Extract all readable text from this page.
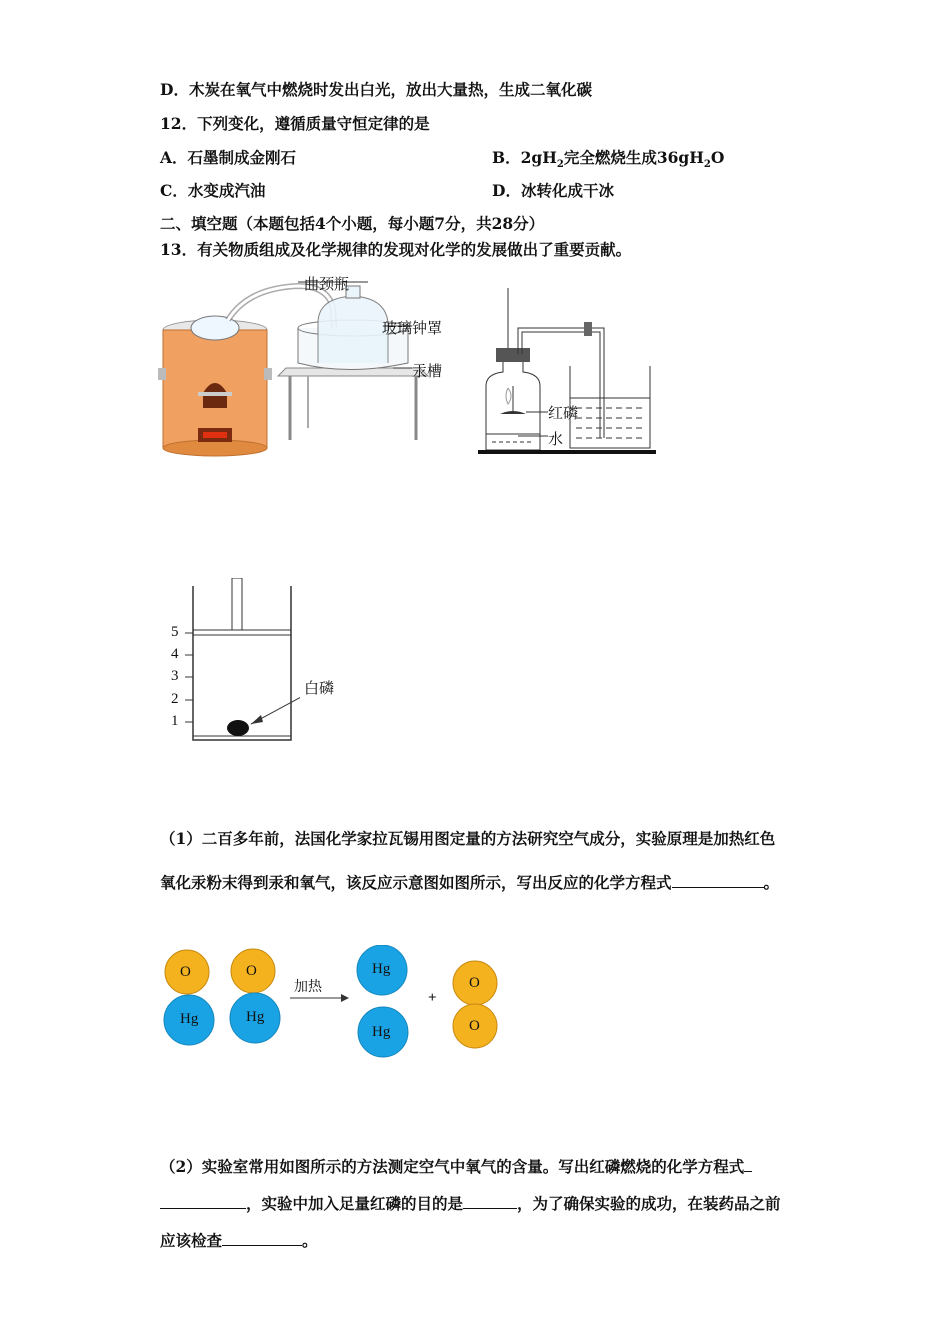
D．木炭在氧气中燃烧时发出白光，放出大量热，生成二氧化碳
12．下列变化，遵循质量守恒定律的是
A．石墨制成金刚石	B．$2gH_2$完全燃烧生成$36gH_2O$
C．水变成汽油	D．冰转化成干冰
二、填空题（本题包括4个小题，每小题7分，共28分）
13．有关物质组成及化学规律的发现对化学的发展做出了重要贡献。
曲颈瓶
玻璃钟罩
汞槽
红磷
水
5
4
3
2
1
白磷
（1）二百多年前，法国化学家拉瓦锡用图定量的方法研究空气成分，实验原理是加热红色氧化汞粉末得到汞和氧气，该反应示意图如图所示，写出反应的化学方程式	。
O
Hg
O
Hg
加热
Hg
Hg
+
O
O
（2）实验室常用如图所示的方法测定空气中氧气的含量。写出红磷燃烧的化学方程式，实验中加入足量红磷的目的是	，为了确保实验的成功，在装药品之前应该检查	。
